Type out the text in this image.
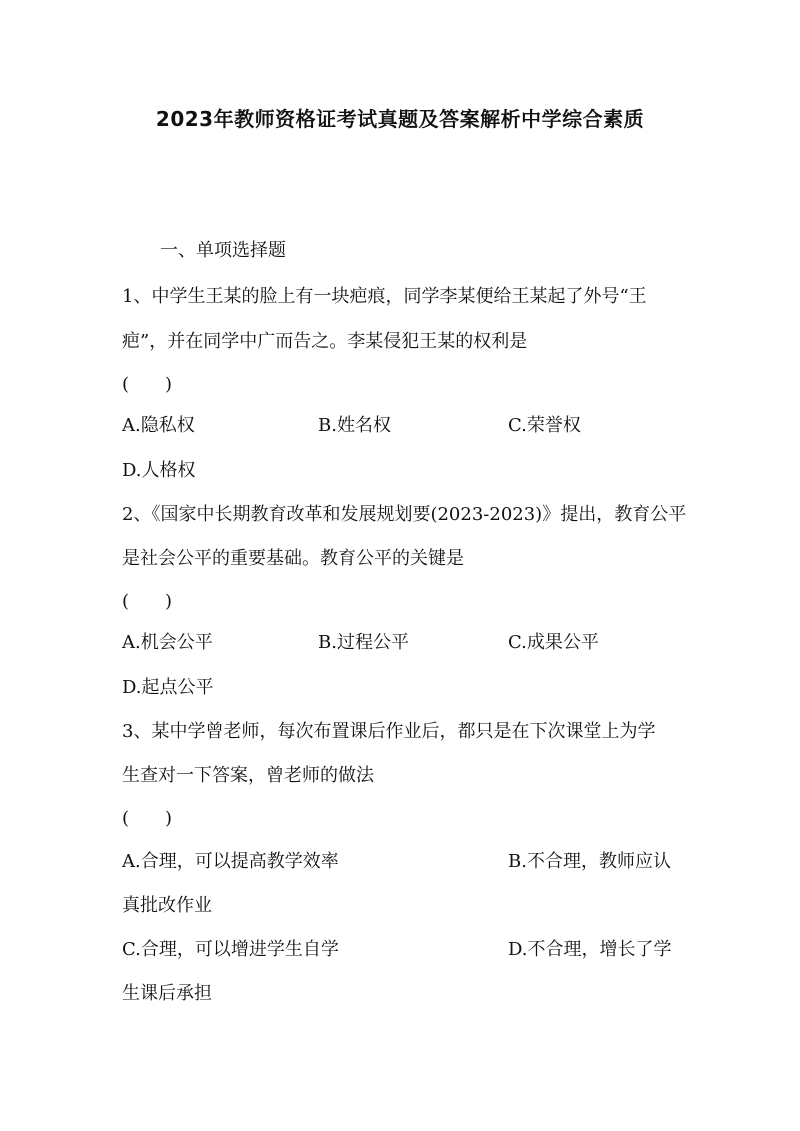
2023年教师资格证考试真题及答案解析中学综合素质
一、单项选择题
1、中学生王某的脸上有一块疤痕，同学李某便给王某起了外号“王
疤”，并在同学中广而告之。李某侵犯王某的权利是
(　　)
A.隐私权	B.姓名权	C.荣誉权
D.人格权
2、《国家中长期教育改革和发展规划要(2023-2023)》提出，教育公平
是社会公平的重要基础。教育公平的关键是
(　　)
A.机会公平	B.过程公平	C.成果公平
D.起点公平
3、某中学曾老师，每次布置课后作业后，都只是在下次课堂上为学
生查对一下答案，曾老师的做法
(　　)
A.合理，可以提高教学效率	B.不合理，教师应认
真批改作业
C.合理，可以增进学生自学	D.不合理，增长了学
生课后承担
